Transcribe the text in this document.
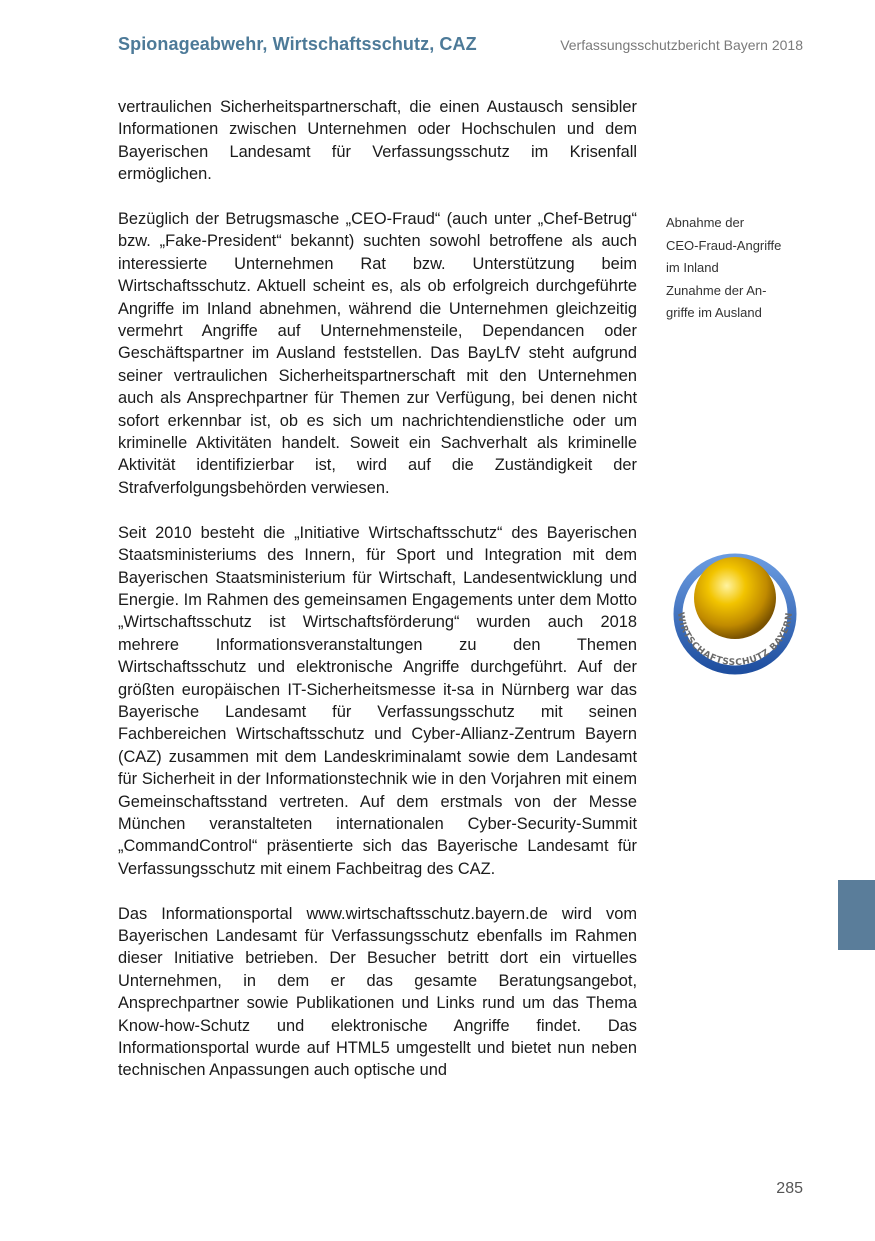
Spionageabwehr, Wirtschaftsschutz, CAZ	Verfassungsschutzbericht Bayern 2018

vertraulichen Sicherheitspartnerschaft, die einen Austausch sensibler Informationen zwischen Unternehmen oder Hochschulen und dem Bayerischen Landesamt für Verfassungsschutz im Krisenfall ermöglichen.

Bezüglich der Betrugsmasche „CEO-Fraud“ (auch unter „Chef-Betrug“ bzw. „Fake-President“ bekannt) suchten sowohl betroffene als auch interessierte Unternehmen Rat bzw. Unterstützung beim Wirtschaftsschutz. Aktuell scheint es, als ob erfolgreich durchgeführte Angriffe im Inland abnehmen, während die Unternehmen gleichzeitig vermehrt Angriffe auf Unternehmensteile, Dependancen oder Geschäftspartner im Ausland feststellen. Das BayLfV steht aufgrund seiner vertraulichen Sicherheitspartnerschaft mit den Unternehmen auch als Ansprechpartner für Themen zur Verfügung, bei denen nicht sofort erkennbar ist, ob es sich um nachrichtendienstliche oder um kriminelle Aktivitäten handelt. Soweit ein Sachverhalt als kriminelle Aktivität identifizierbar ist, wird auf die Zuständigkeit der Strafverfolgungsbehörden verwiesen.

Seit 2010 besteht die „Initiative Wirtschaftsschutz“ des Bayerischen Staatsministeriums des Innern, für Sport und Integration mit dem Bayerischen Staatsministerium für Wirtschaft, Landesentwicklung und Energie. Im Rahmen des gemeinsamen Engagements unter dem Motto „Wirtschaftsschutz ist Wirtschaftsförderung“ wurden auch 2018 mehrere Informationsveranstaltungen zu den Themen Wirtschaftsschutz und elektronische Angriffe durchgeführt. Auf der größten europäischen IT-Sicherheitsmesse it-sa in Nürnberg war das Bayerische Landesamt für Verfassungsschutz mit seinen Fachbereichen Wirtschaftsschutz und Cyber-Allianz-Zentrum Bayern (CAZ) zusammen mit dem Landeskriminalamt sowie dem Landesamt für Sicherheit in der Informationstechnik wie in den Vorjahren mit einem Gemeinschaftsstand vertreten. Auf dem erstmals von der Messe München veranstalteten internationalen Cyber-Security-Summit „CommandControl“ präsentierte sich das Bayerische Landesamt für Verfassungsschutz mit einem Fachbeitrag des CAZ.

Das Informationsportal www.wirtschaftsschutz.bayern.de wird vom Bayerischen Landesamt für Verfassungsschutz ebenfalls im Rahmen dieser Initiative betrieben. Der Besucher betritt dort ein virtuelles Unternehmen, in dem er das gesamte Beratungsangebot, Ansprechpartner sowie Publikationen und Links rund um das Thema Know-how-Schutz und elektronische Angriffe findet. Das Informationsportal wurde auf HTML5 umgestellt und bietet nun neben technischen Anpassungen auch optische und

Abnahme der
CEO-Fraud-Angriffe
im Inland
Zunahme der An-
griffe im Ausland
WIRTSCHAFTSSCHUTZ BAYERN
285
